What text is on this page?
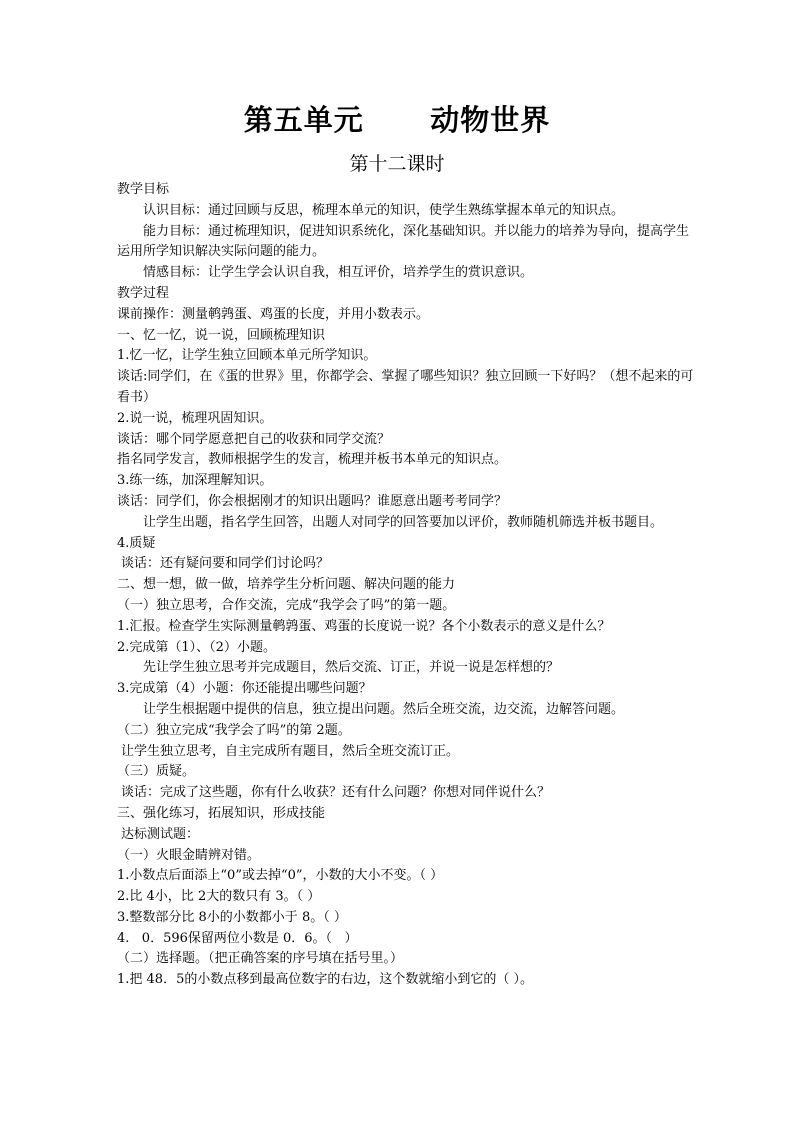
第五单元      动物世界
第十二课时

教学目标

认识目标：通过回顾与反思，梳理本单元的知识，使学生熟练掌握本单元的知识点。

能力目标：通过梳理知识，促进知识系统化，深化基础知识。并以能力的培养为导向，提高学生运用所学知识解决实际问题的能力。

情感目标：让学生学会认识自我，相互评价，培养学生的赏识意识。

教学过程

课前操作：测量鹌鹑蛋、鸡蛋的长度，并用小数表示。

一、忆一忆，说一说，回顾梳理知识

1.忆一忆，让学生独立回顾本单元所学知识。

谈话:同学们，在《蛋的世界》里，你都学会、掌握了哪些知识？独立回顾一下好吗？（想不起来的可看书）

2.说一说，梳理巩固知识。

谈话：哪个同学愿意把自己的收获和同学交流？

指名同学发言，教师根据学生的发言，梳理并板书本单元的知识点。

3.练一练，加深理解知识。

谈话：同学们，你会根据刚才的知识出题吗？谁愿意出题考考同学？

让学生出题，指名学生回答，出题人对同学的回答要加以评价，教师随机筛选并板书题目。

4.质疑

谈话：还有疑问要和同学们讨论吗？

二、想一想，做一做，培养学生分析问题、解决问题的能力

（一）独立思考，合作交流，完成“我学会了吗”的第一题。

1.汇报。检查学生实际测量鹌鹑蛋、鸡蛋的长度说一说？各个小数表示的意义是什么？

2.完成第（1）、（2）小题。

先让学生独立思考并完成题目，然后交流、订正，并说一说是怎样想的？

3.完成第（4）小题：你还能提出哪些问题？

让学生根据题中提供的信息，独立提出问题。然后全班交流，边交流，边解答问题。

（二）独立完成“我学会了吗”的第 2题。

让学生独立思考，自主完成所有题目，然后全班交流订正。

（三）质疑。

谈话：完成了这些题，你有什么收获？还有什么问题？你想对同伴说什么？

三、强化练习，拓展知识，形成技能

达标测试题：

（一）火眼金睛辨对错。

1.小数点后面添上“0”或去掉“0”，小数的大小不变。（ ）

2.比 4小，比 2大的数只有 3。（ ）

3.整数部分比 8小的小数都小于 8。（ ）

4.   0．596保留两位小数是 0．6。（   ）

（二）选择题。（把正确答案的序号填在括号里。）

1.把 48．5的小数点移到最高位数字的右边，这个数就缩小到它的（ ）。
